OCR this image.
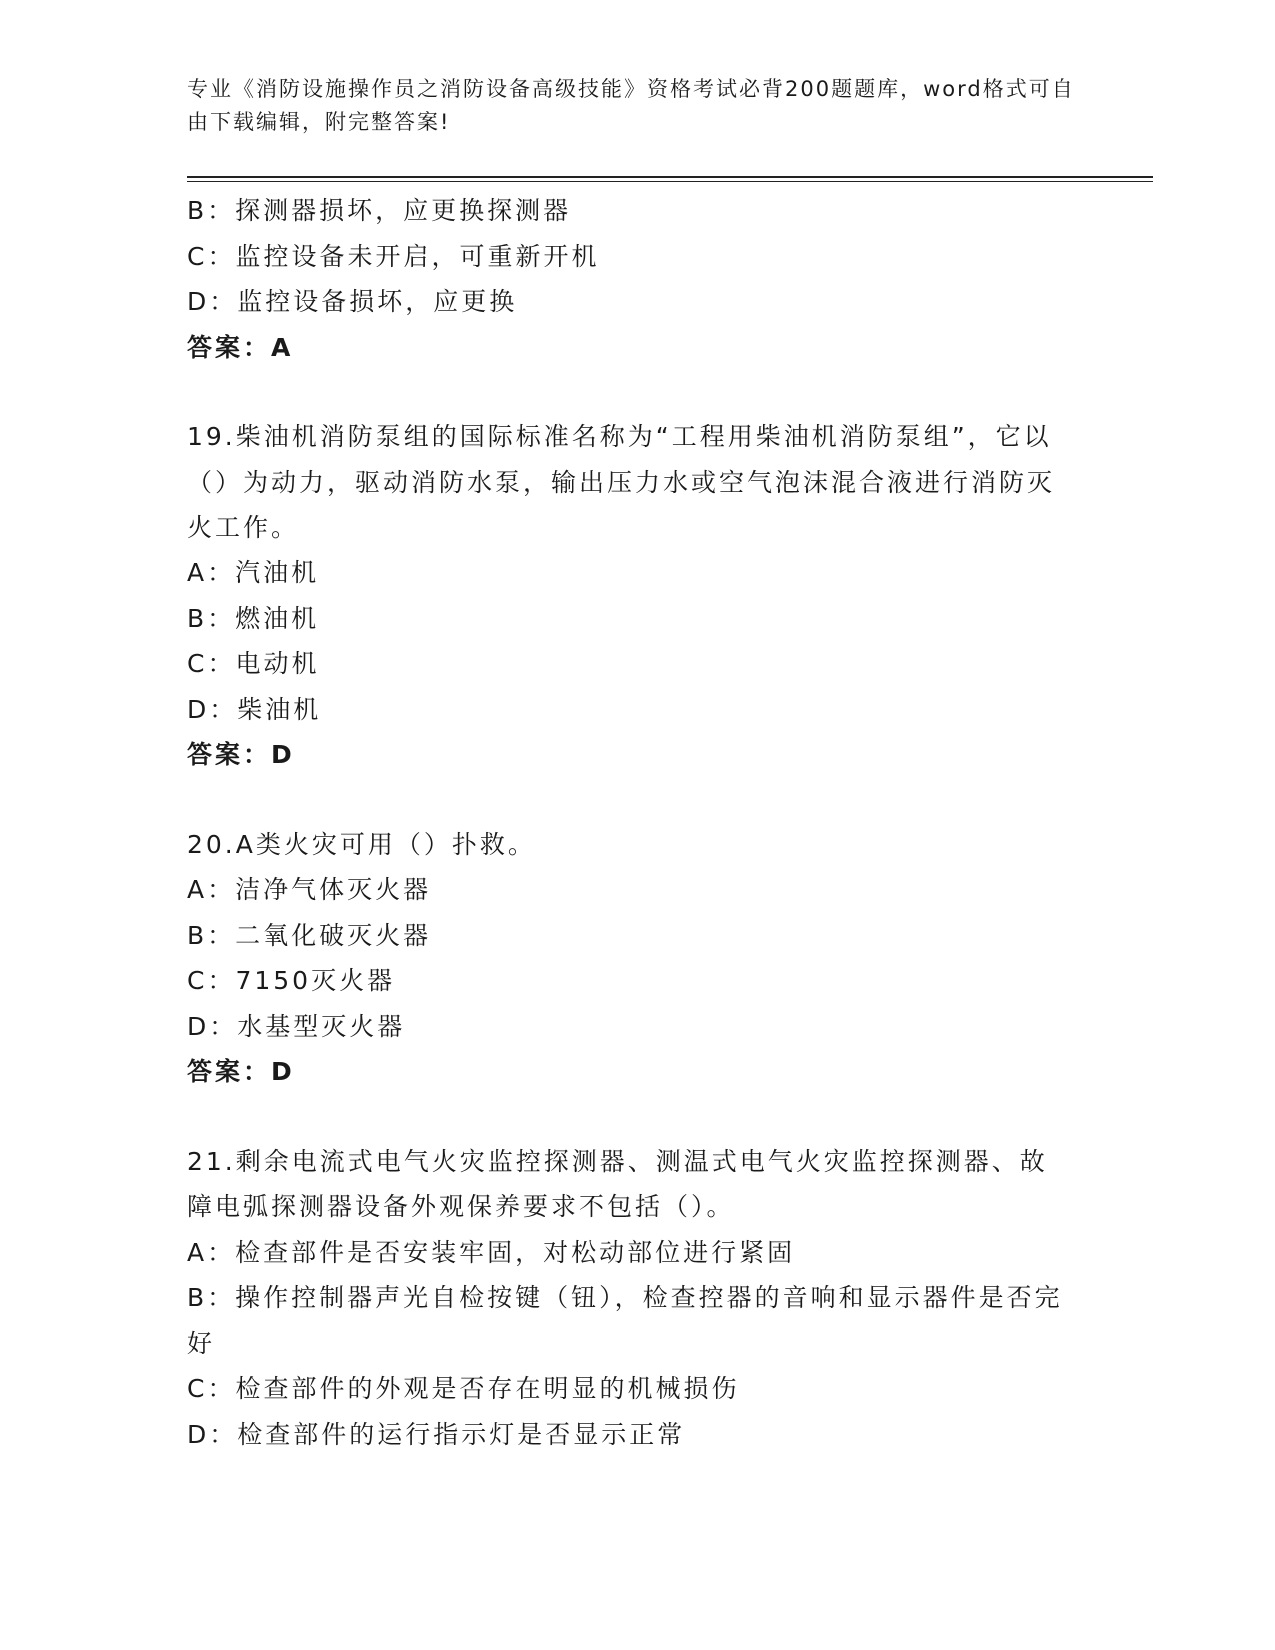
专业《消防设施操作员之消防设备高级技能》资格考试必背200题题库，word格式可自由下载编辑，附完整答案!
B：探测器损坏，应更换探测器
C：监控设备未开启，可重新开机
D：监控设备损坏，应更换
答案：A
19.柴油机消防泵组的国际标准名称为“工程用柴油机消防泵组”，它以（）为动力，驱动消防水泵，输出压力水或空气泡沫混合液进行消防灭火工作。
A：汽油机
B：燃油机
C：电动机
D：柴油机
答案：D
20.A类火灾可用（）扑救。
A：洁净气体灭火器
B：二氧化破灭火器
C：7150灭火器
D：水基型灭火器
答案：D
21.剩余电流式电气火灾监控探测器、测温式电气火灾监控探测器、故障电弧探测器设备外观保养要求不包括（）。
A：检查部件是否安装牢固，对松动部位进行紧固
B：操作控制器声光自检按键（钮），检查控器的音响和显示器件是否完好
C：检查部件的外观是否存在明显的机械损伤
D：检查部件的运行指示灯是否显示正常
